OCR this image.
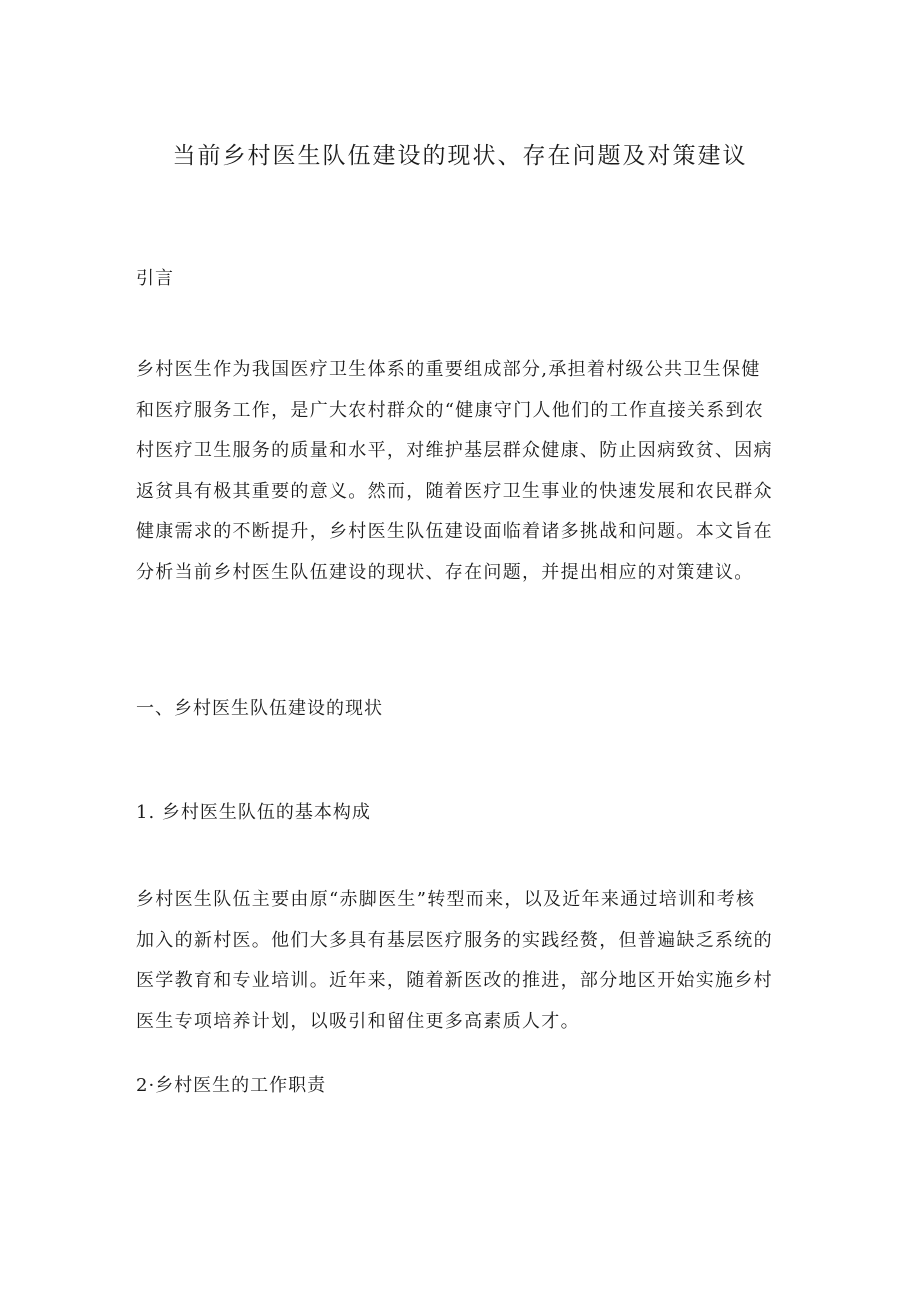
当前乡村医生队伍建设的现状、存在问题及对策建议
引言

乡村医生作为我国医疗卫生体系的重要组成部分,承担着村级公共卫生保健

和医疗服务工作，是广大农村群众的“健康守门人他们的工作直接关系到农

村医疗卫生服务的质量和水平，对维护基层群众健康、防止因病致贫、因病

返贫具有极其重要的意义。然而，随着医疗卫生事业的快速发展和农民群众

健康需求的不断提升，乡村医生队伍建设面临着诸多挑战和问题。本文旨在

分析当前乡村医生队伍建设的现状、存在问题，并提出相应的对策建议。

一、乡村医生队伍建设的现状
1. 乡村医生队伍的基本构成

乡村医生队伍主要由原“赤脚医生”转型而来，以及近年来通过培训和考核

加入的新村医。他们大多具有基层医疗服务的实践经赘，但普遍缺乏系统的

医学教育和专业培训。近年来，随着新医改的推进，部分地区开始实施乡村

医生专项培养计划，以吸引和留住更多高素质人才。

2·乡村医生的工作职责
